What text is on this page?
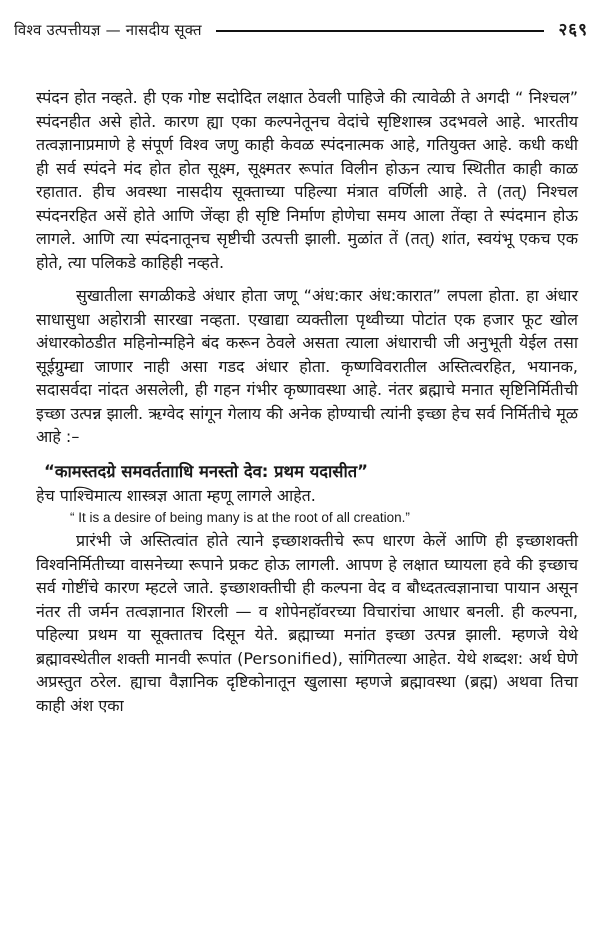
विश्व उत्पत्तीयज्ञ — नासदीय सूक्त	२६९

स्पंदन होत नव्हते. ही एक गोष्ट सदोदित लक्षात ठेवली पाहिजे की त्यावेळी ते अगदी “ निश्चल” स्पंदनहीत असे होते. कारण ह्या एका कल्पनेतूनच वेदांचे सृष्टिशास्त्र उदभवले आहे. भारतीय तत्वज्ञानाप्रमाणे हे संपूर्ण विश्व जणु काही केवळ स्पंदनात्मक आहे, गतियुक्त आहे. कधी कधी ही सर्व स्पंदने मंद होत होत सूक्ष्म, सूक्ष्मतर रूपांत विलीन होऊन त्याच स्थितीत काही काळ रहातात. हीच अवस्था नासदीय सूक्ताच्या पहिल्या मंत्रात वर्णिली आहे. ते (तत्) निश्चल स्पंदनरहित असें होते आणि जेंव्हा ही सृष्टि निर्माण होणेचा समय आला तेंव्हा ते स्पंदमान होऊ लागले. आणि त्या स्पंदनातूनच सृष्टीची उत्पत्ती झाली. मुळांत तें (तत्) शांत, स्वयंभू एकच एक होते, त्या पलिकडे काहिही नव्हते.

सुखातीला सगळीकडे अंधार होता जणू “अंध:कार अंध:कारात” लपला होता. हा अंधार साधासुधा अहोरात्री सारखा नव्हता. एखाद्या व्यक्तीला पृथ्वीच्या पोटांत एक हजार फूट खोल अंधारकोठडीत महिनोन्महिने बंद करून ठेवले असता त्याला अंधाराची जी अनुभूती येईल तसा सूईग्रुम्द्या जाणार नाही असा गडद अंधार होता. कृष्णविवरातील अस्तित्वरहित, भयानक, सदासर्वदा नांदत असलेली, ही गहन गंभीर कृष्णावस्था आहे. नंतर ब्रह्माचे मनात सृष्टिनिर्मितीची इच्छा उत्पन्न झाली. ऋग्वेद सांगून गेलाय की अनेक होण्याची त्यांनी इच्छा हेच सर्व निर्मितीचे मूळ आहे :–

“कामस्तदग्रे समवर्ततााधि मनस्तो देव: प्रथम यदासीत”

हेच पाश्चिमात्य शास्त्रज्ञ आता म्हणू लागले आहेत.

“ It is a desire of being many is at the root of all creation.”

प्रारंभी जे अस्तित्वांत होते त्याने इच्छाशक्तीचे रूप धारण केलें आणि ही इच्छाशक्ती विश्वनिर्मितीच्या वासनेच्या रूपाने प्रकट होऊ लागली. आपण हे लक्षात घ्यायला हवे की इच्छाच सर्व गोष्टींचे कारण म्हटले जाते. इच्छाशक्तीची ही कल्पना वेद व बौध्दतत्वज्ञानाचा पायान असून नंतर ती जर्मन तत्वज्ञानात शिरली — व शोपेनहॉवरच्या विचारांचा आधार बनली. ही कल्पना, पहिल्या प्रथम या सूक्तातच दिसून येते. ब्रह्माच्या मनांत इच्छा उत्पन्न झाली. म्हणजे येथे ब्रह्मावस्थेतील शक्ती मानवी रूपांत (Personified), सांगितल्या आहेत. येथे शब्दश: अर्थ घेणे अप्रस्तुत ठरेल. ह्याचा वैज्ञानिक दृष्टिकोनातून खुलासा म्हणजे ब्रह्मावस्था (ब्रह्म) अथवा तिचा काही अंश एका
